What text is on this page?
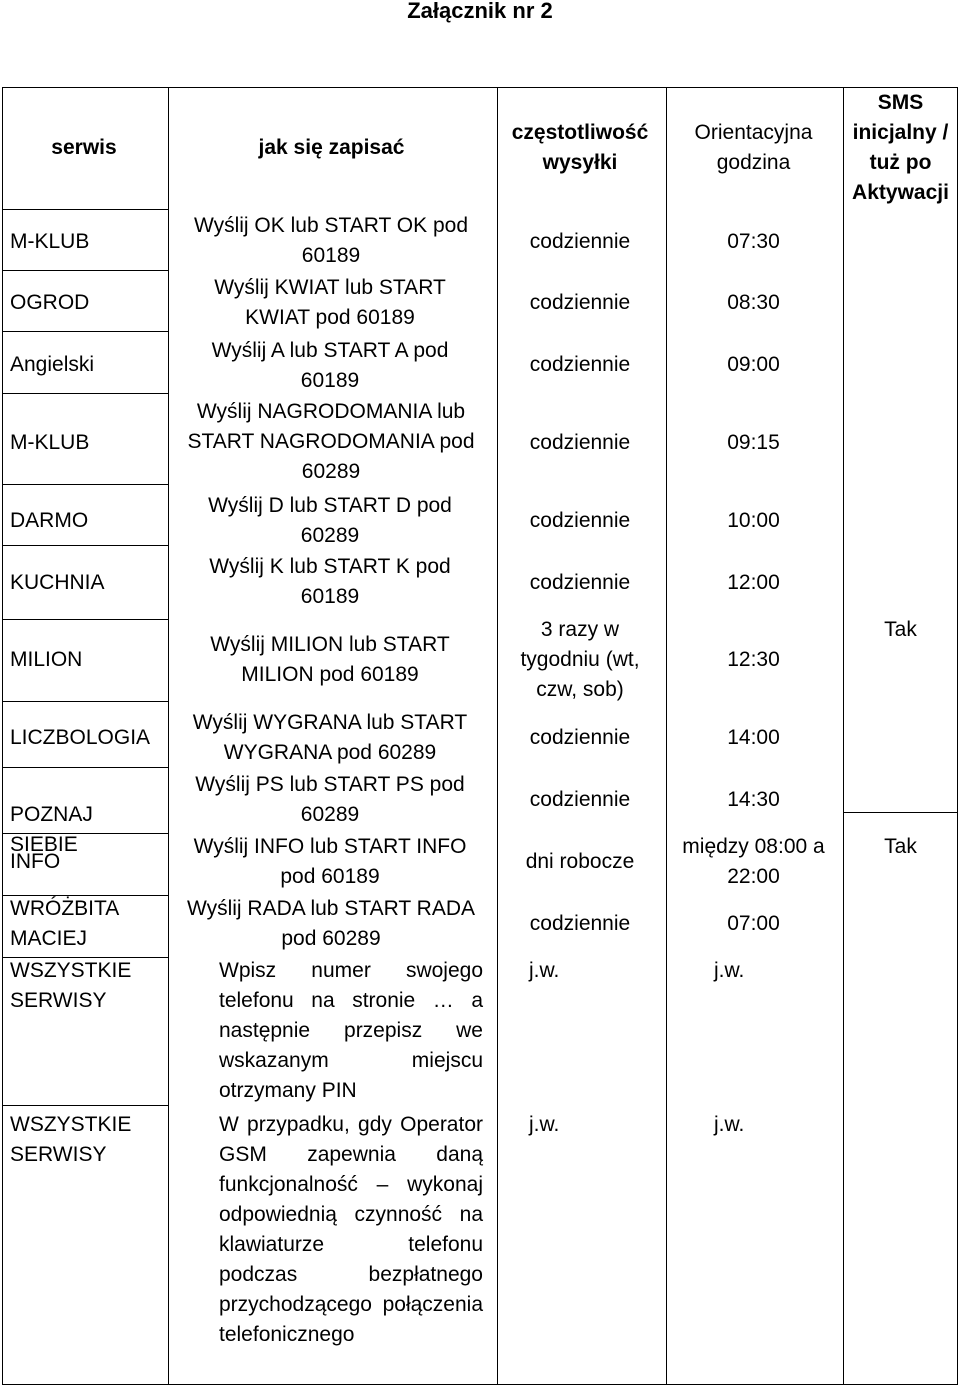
Załącznik nr 2
serwis	jak się zapisać
częstotliwość wysyłki
Orientacyjna godzina
SMS inicjalny / tuż po Aktywacji
M-KLUB
OGROD
Angielski
M-KLUB
DARMO
KUCHNIA
MILION
LICZBOLOGIA
POZNAJ SIEBIE
INFO
WRÓŻBITA MACIEJ
WSZYSTKIE SERWISY
WSZYSTKIE SERWISY
Wyślij OK lub START OK pod 60189
Wyślij KWIAT lub START KWIAT pod 60189
Wyślij A lub START A pod 60189
Wyślij NAGRODOMANIA lub START NAGRODOMANIA pod 60289
Wyślij D lub START D pod 60289
Wyślij K lub START K pod 60189
Wyślij MILION lub START MILION pod 60189
Wyślij WYGRANA lub START WYGRANA pod 60289
Wyślij PS lub START PS pod 60289
Wyślij INFO lub START INFO pod 60189
Wyślij RADA lub START RADA pod 60289
Wpisz numer swojego telefonu na stronie … a następnie przepisz we wskazanym miejscu otrzymany PIN
W przypadku, gdy Operator GSM zapewnia daną funkcjonalność – wykonaj odpowiednią czynność na klawiaturze telefonu podczas bezpłatnego przychodzącego połączenia telefonicznego
codziennie
codziennie
codziennie
codziennie
codziennie
codziennie
3 razy w tygodniu (wt, czw, sob)
codziennie
codziennie
dni robocze
codziennie
j.w.
j.w.
07:30
08:30
09:00
09:15
10:00
12:00
12:30
14:00
14:30
między 08:00 a 22:00
07:00
j.w.
j.w.
Tak
Tak
